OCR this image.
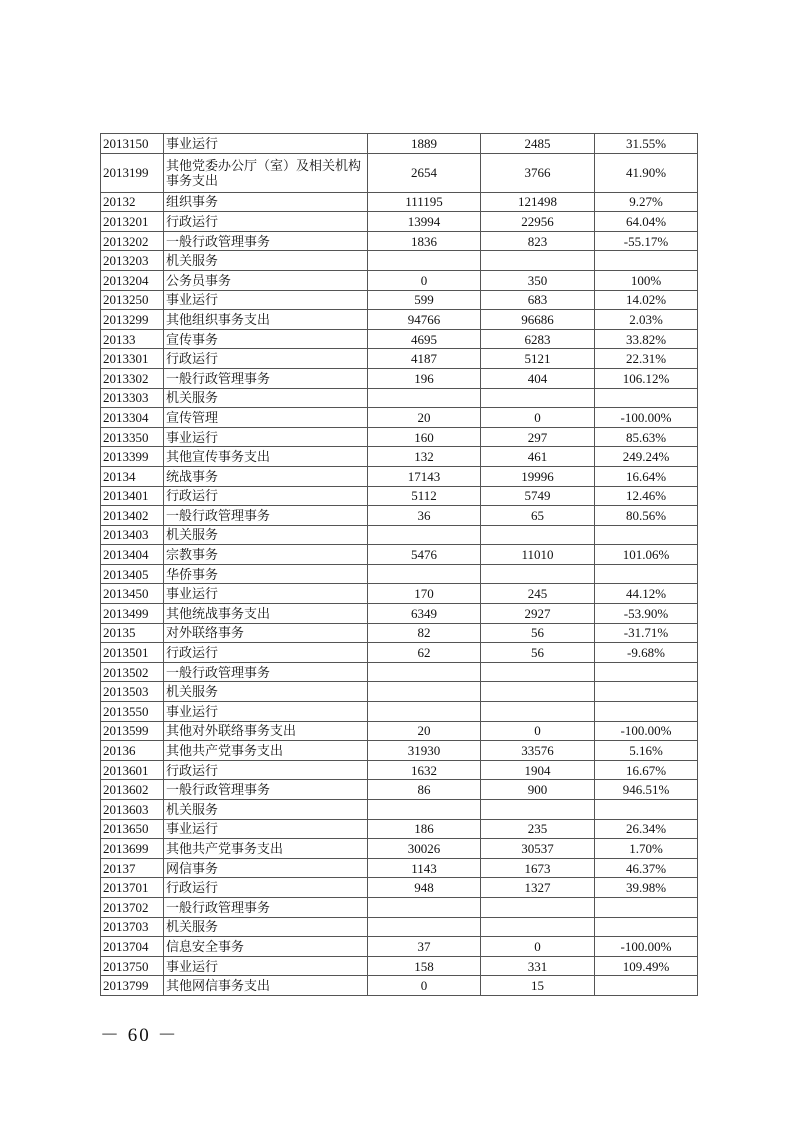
2013150	事业运行	1889	2485	31.55%
2013199	其他党委办公厅（室）及相关机构事务支出	2654	3766	41.90%
20132	组织事务	111195	121498	9.27%
2013201	行政运行	13994	22956	64.04%
2013202	一般行政管理事务	1836	823	-55.17%
2013203	机关服务			
2013204	公务员事务	0	350	100%
2013250	事业运行	599	683	14.02%
2013299	其他组织事务支出	94766	96686	2.03%
20133	宣传事务	4695	6283	33.82%
2013301	行政运行	4187	5121	22.31%
2013302	一般行政管理事务	196	404	106.12%
2013303	机关服务			
2013304	宣传管理	20	0	-100.00%
2013350	事业运行	160	297	85.63%
2013399	其他宣传事务支出	132	461	249.24%
20134	统战事务	17143	19996	16.64%
2013401	行政运行	5112	5749	12.46%
2013402	一般行政管理事务	36	65	80.56%
2013403	机关服务			
2013404	宗教事务	5476	11010	101.06%
2013405	华侨事务			
2013450	事业运行	170	245	44.12%
2013499	其他统战事务支出	6349	2927	-53.90%
20135	对外联络事务	82	56	-31.71%
2013501	行政运行	62	56	-9.68%
2013502	一般行政管理事务			
2013503	机关服务			
2013550	事业运行			
2013599	其他对外联络事务支出	20	0	-100.00%
20136	其他共产党事务支出	31930	33576	5.16%
2013601	行政运行	1632	1904	16.67%
2013602	一般行政管理事务	86	900	946.51%
2013603	机关服务			
2013650	事业运行	186	235	26.34%
2013699	其他共产党事务支出	30026	30537	1.70%
20137	网信事务	1143	1673	46.37%
2013701	行政运行	948	1327	39.98%
2013702	一般行政管理事务			
2013703	机关服务			
2013704	信息安全事务	37	0	-100.00%
2013750	事业运行	158	331	109.49%
2013799	其他网信事务支出	0	15	
－ 60 －
